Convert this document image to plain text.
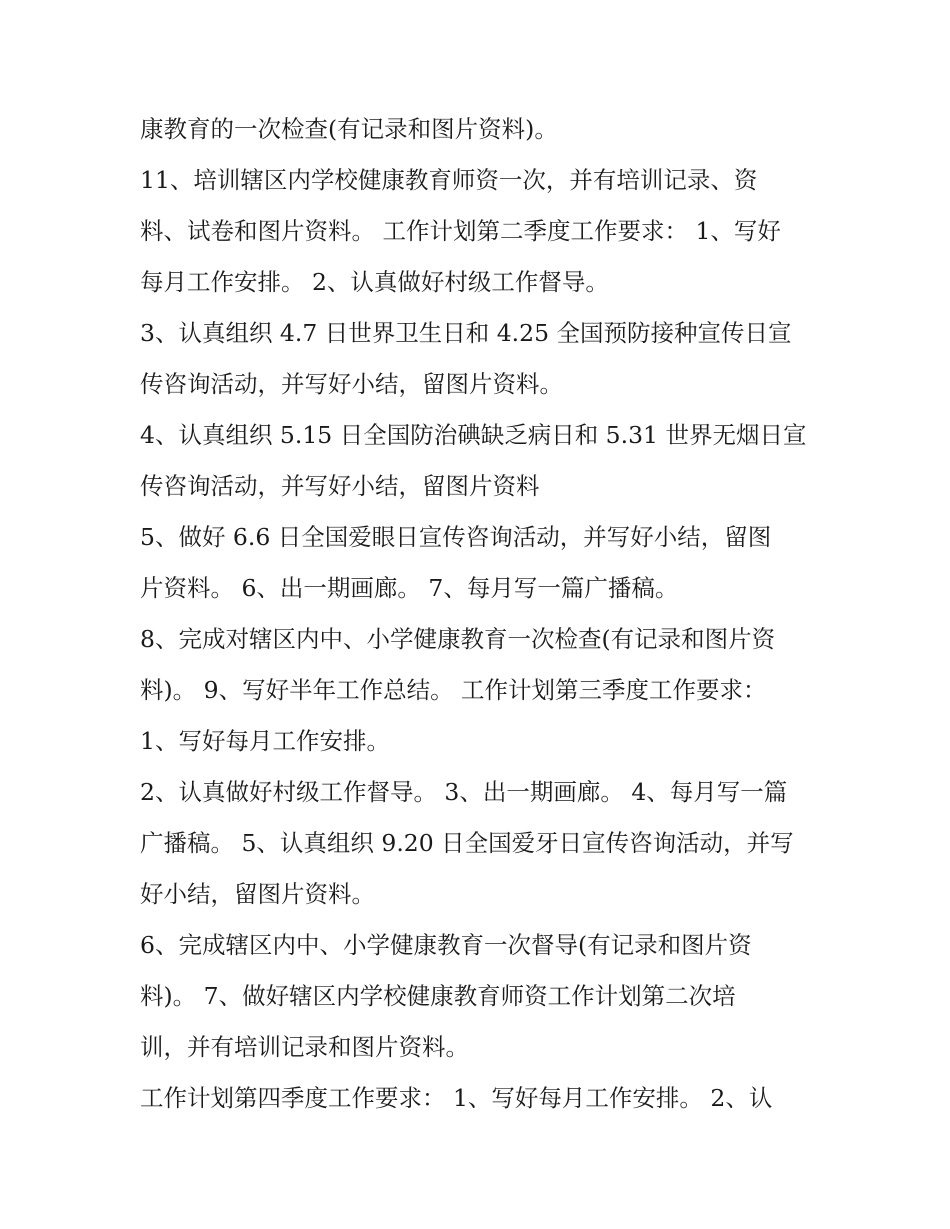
康教育的一次检查(有记录和图片资料)。
11、培训辖区内学校健康教育师资一次，并有培训记录、资
料、试卷和图片资料。 工作计划第二季度工作要求： 1、写好
每月工作安排。 2、认真做好村级工作督导。
3、认真组织 4.7 日世界卫生日和 4.25 全国预防接种宣传日宣
传咨询活动，并写好小结，留图片资料。
4、认真组织 5.15 日全国防治碘缺乏病日和 5.31 世界无烟日宣
传咨询活动，并写好小结，留图片资料
5、做好 6.6 日全国爱眼日宣传咨询活动，并写好小结，留图
片资料。 6、出一期画廊。 7、每月写一篇广播稿。
8、完成对辖区内中、小学健康教育一次检查(有记录和图片资
料)。 9、写好半年工作总结。 工作计划第三季度工作要求：
1、写好每月工作安排。
2、认真做好村级工作督导。 3、出一期画廊。 4、每月写一篇
广播稿。 5、认真组织 9.20 日全国爱牙日宣传咨询活动，并写
好小结，留图片资料。
6、完成辖区内中、小学健康教育一次督导(有记录和图片资
料)。 7、做好辖区内学校健康教育师资工作计划第二次培
训，并有培训记录和图片资料。
工作计划第四季度工作要求： 1、写好每月工作安排。 2、认
